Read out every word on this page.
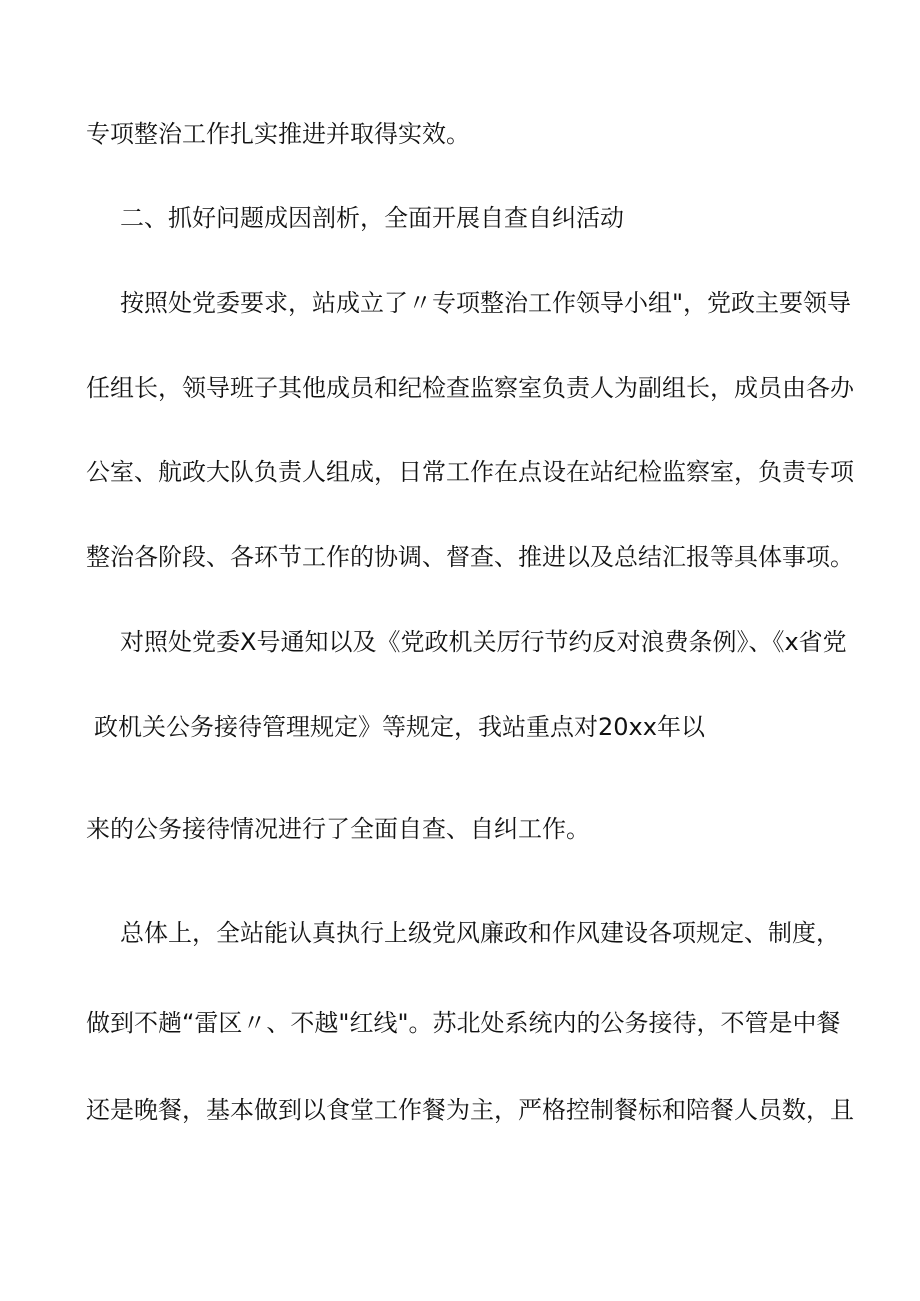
专项整治工作扎实推进并取得实效。
二、抓好问题成因剖析，全面开展自查自纠活动
按照处党委要求，站成立了〃专项整治工作领导小组"，党政主要领导
任组长，领导班子其他成员和纪检查监察室负责人为副组长，成员由各办
公室、航政大队负责人组成，日常工作在点设在站纪检监察室，负责专项
整治各阶段、各环节工作的协调、督查、推进以及总结汇报等具体事项。
对照处党委X号通知以及《党政机关厉行节约反对浪费条例》、《x省党
政机关公务接待管理规定》等规定，我站重点对20xx年以
来的公务接待情况进行了全面自查、自纠工作。
总体上，全站能认真执行上级党风廉政和作风建设各项规定、制度，
做到不趟“雷区〃、不越"红线"。苏北处系统内的公务接待，不管是中餐
还是晚餐，基本做到以食堂工作餐为主，严格控制餐标和陪餐人员数，且
